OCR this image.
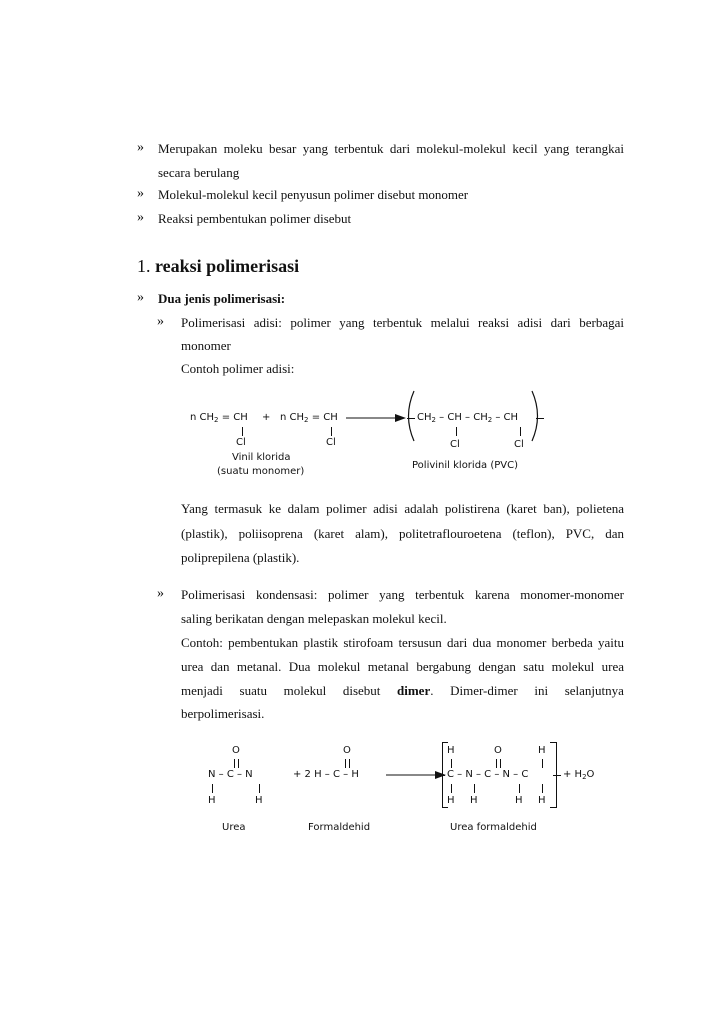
» Merupakan moleku besar yang terbentuk dari molekul-molekul kecil yang terangkai
secara berulang
» Molekul-molekul kecil penyusun polimer disebut monomer
» Reaksi pembentukan polimer disebut
1. reaksi polimerisasi
» Dua jenis polimerisasi:
» Polimerisasi adisi: polimer yang terbentuk melalui reaksi adisi dari berbagai
monomer
Contoh polimer adisi:
n $CH_2$ = CH + n $CH_2$ = CH
Cl	Cl
→ $CH_2$ – CH – $CH_2$ – CH
Cl	Cl
Vinil klorida
(suatu monomer)
Polivinil klorida (PVC)
Yang termasuk ke dalam polimer adisi adalah polistirena (karet ban), polietena
(plastik), poliisoprena (karet alam), politetraflouroetena (teflon), PVC, dan
poliprepilena (plastik).
» Polimerisasi kondensasi: polimer yang terbentuk karena monomer-monomer
saling berikatan dengan melepaskan molekul kecil.
Contoh: pembentukan plastik stirofoam tersusun dari dua monomer berbeda yaitu
urea dan metanal. Dua molekul metanal bergabung dengan satu molekul urea
menjadi suatu molekul disebut dimer. Dimer-dimer ini selanjutnya
berpolimerisasi.
O
N – C – N
H	H
O
+ 2 H – C – H
H	O	H
C – N – C – N – C	+ $H_2O$
H H	H H
Urea	Formaldehid	Urea formaldehid
